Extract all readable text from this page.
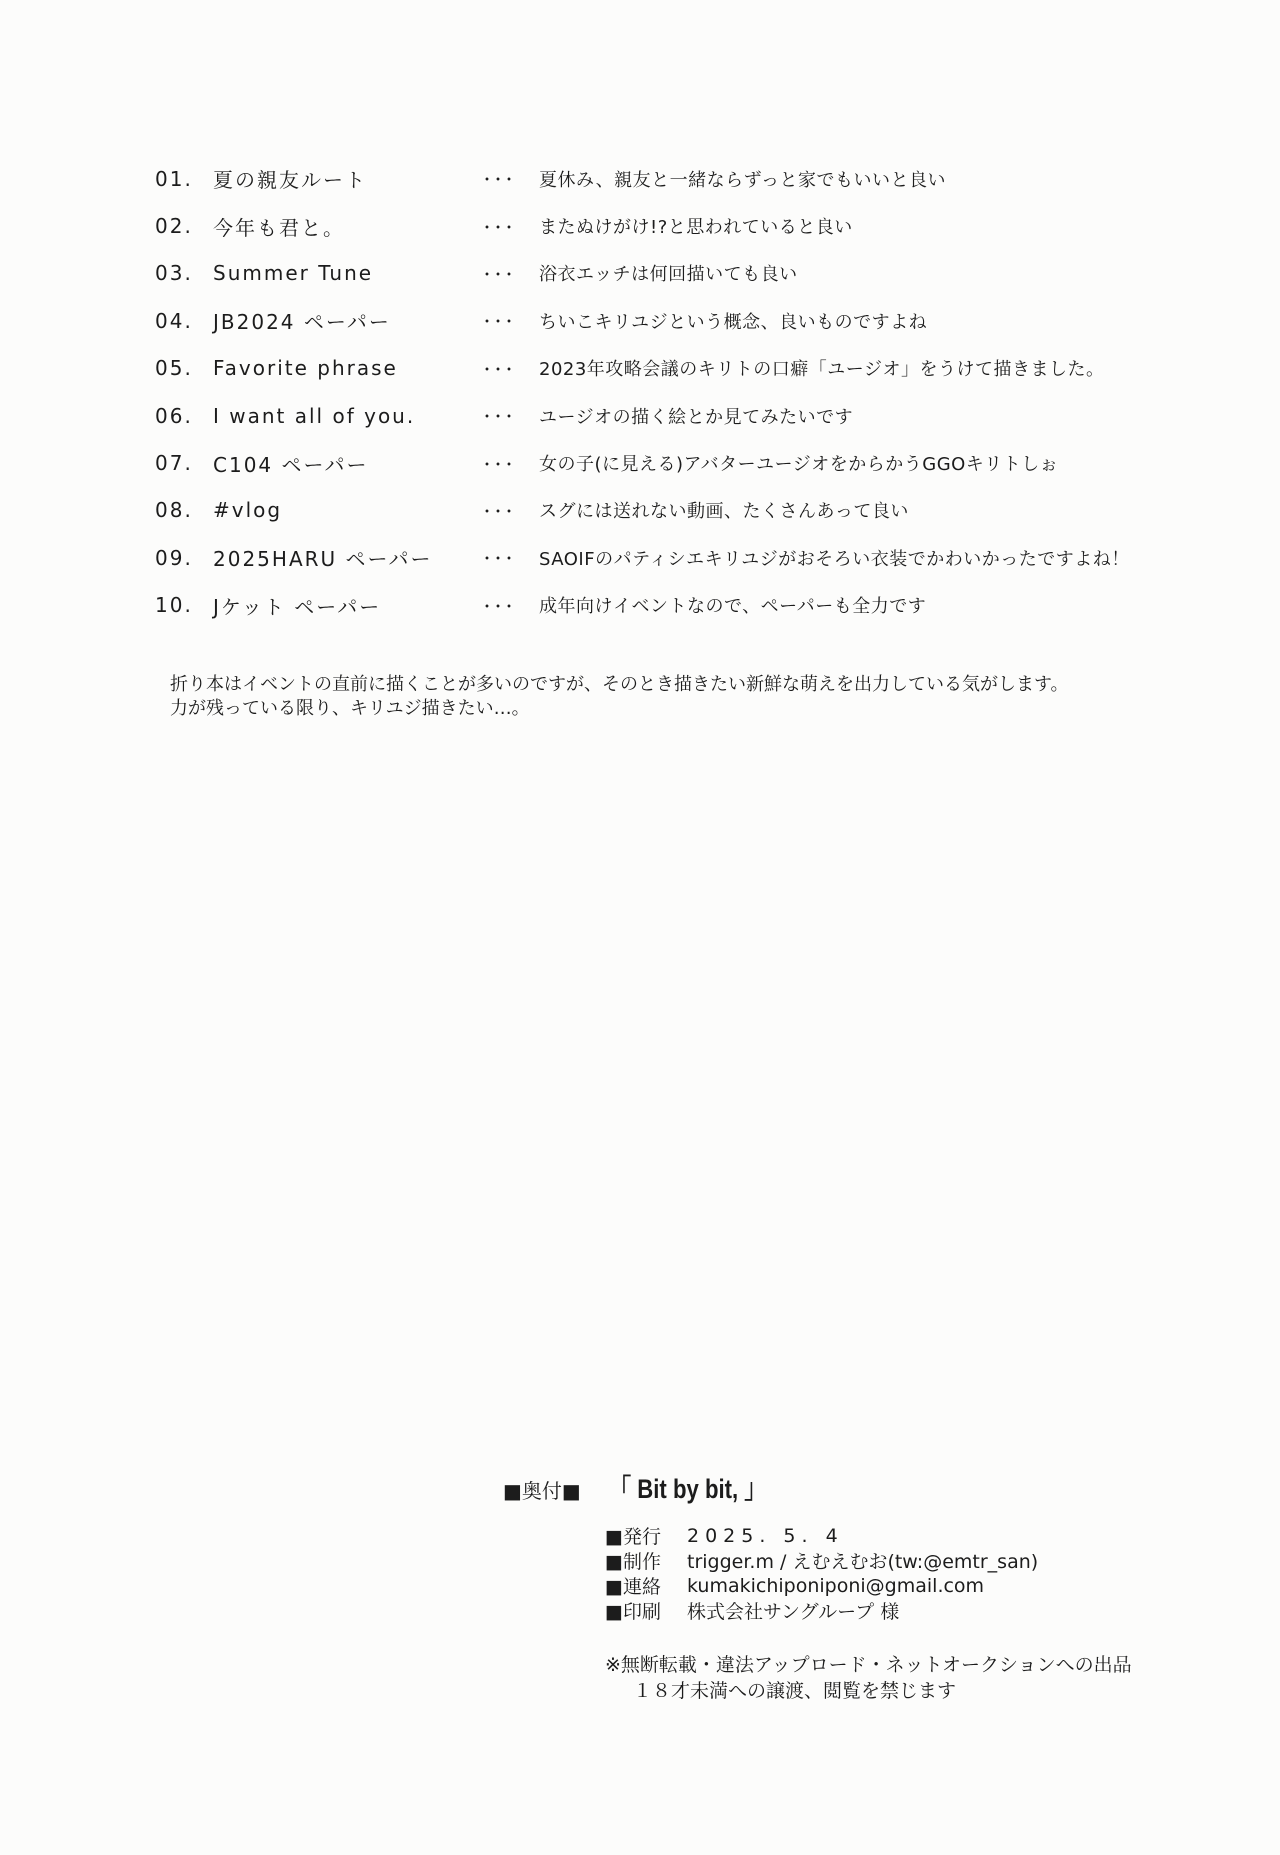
01.	夏の親友ルート	･･･	夏休み、親友と一緒ならずっと家でもいいと良い
02.	今年も君と。	･･･	またぬけがけ!?と思われていると良い
03.	Summer Tune	･･･	浴衣エッチは何回描いても良い
04.	JB2024 ペーパー	･･･	ちいこキリユジという概念、良いものですよね
05.	Favorite phrase	･･･	2023年攻略会議のキリトの口癖「ユージオ」をうけて描きました。
06.	I want all of you.	･･･	ユージオの描く絵とか見てみたいです
07.	C104 ペーパー	･･･	女の子(に見える)アバターユージオをからかうGGOキリトしぉ
08.	#vlog	･･･	スグには送れない動画、たくさんあって良い
09.	2025HARU ペーパー	･･･	SAOIFのパティシエキリユジがおそろい衣装でかわいかったですよね！
10.	Jケット ペーパー	･･･	成年向けイベントなので、ペーパーも全力です
折り本はイベントの直前に描くことが多いのですが、そのとき描きたい新鮮な萌えを出力している気がします。
力が残っている限り、キリユジ描きたい…。
■奥付■ 「 Bit by bit, 」
■発行	2025. 5. 4
■制作	trigger.m / えむえむお(tw:@emtr_san)
■連絡	kumakichiponiponi@gmail.com
■印刷	株式会社サングループ 様
※無断転載・違法アップロード・ネットオークションへの出品
１８才未満への譲渡、閲覧を禁じます
